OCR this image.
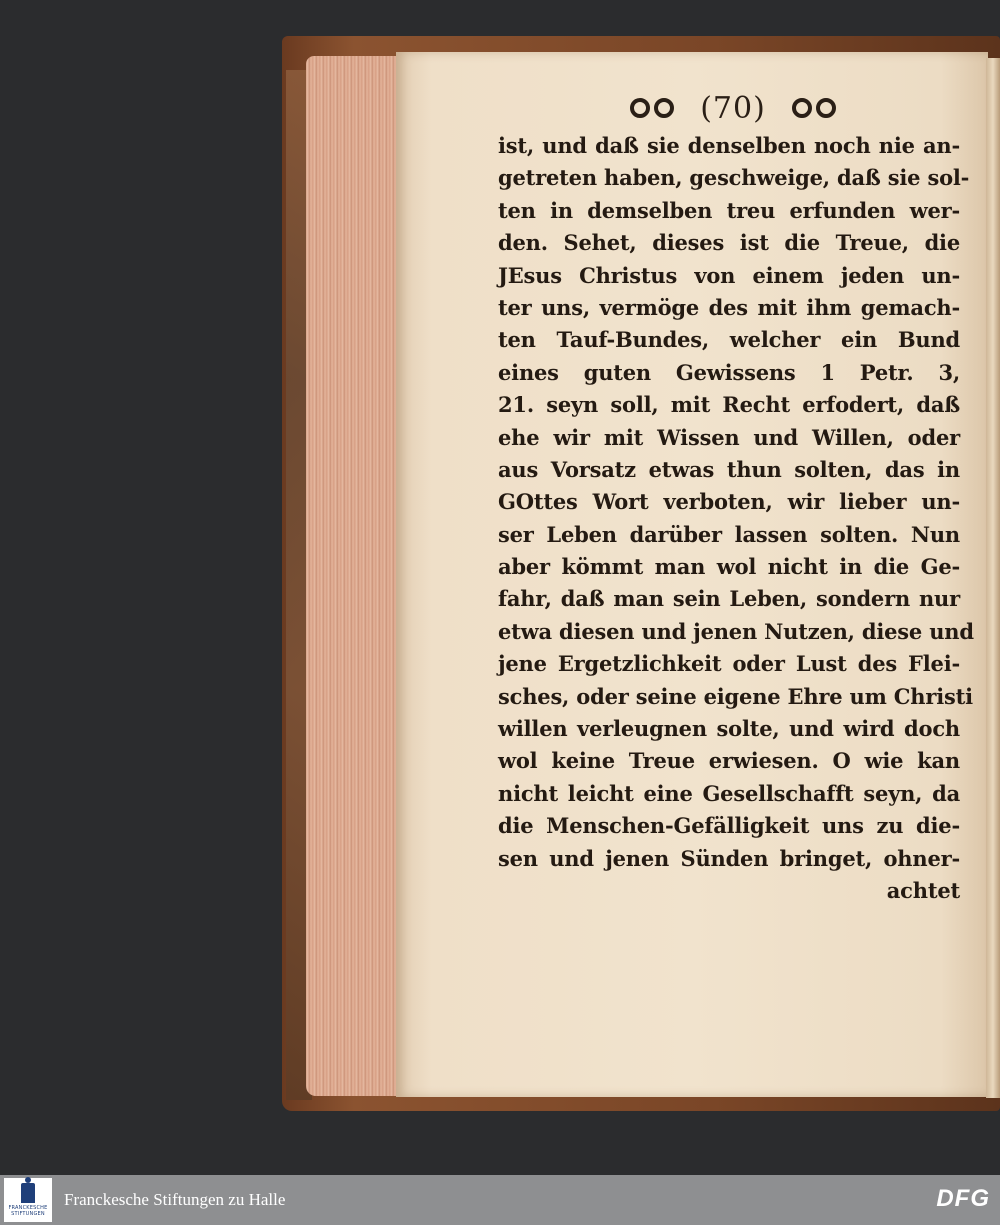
(70)
ist, und daß sie denselben noch nie an-
getreten haben, geschweige, daß sie sol-
ten in demselben treu erfunden wer-
den. Sehet, dieses ist die Treue, die
JEsus Christus von einem jeden un-
ter uns, vermöge des mit ihm gemach-
ten Tauf-Bundes, welcher ein Bund
eines guten Gewissens 1 Petr. 3,
21. seyn soll, mit Recht erfodert, daß
ehe wir mit Wissen und Willen, oder
aus Vorsatz etwas thun solten, das in
GOttes Wort verboten, wir lieber un-
ser Leben darüber lassen solten. Nun
aber kömmt man wol nicht in die Ge-
fahr, daß man sein Leben, sondern nur
etwa diesen und jenen Nutzen, diese und
jene Ergetzlichkeit oder Lust des Flei-
sches, oder seine eigene Ehre um Christi
willen verleugnen solte, und wird doch
wol keine Treue erwiesen. O wie kan
nicht leicht eine Gesellschafft seyn, da
die Menschen-Gefälligkeit uns zu die-
sen und jenen Sünden bringet, ohner-
achtet
FRANCKESCHE STIFTUNGEN
Franckesche Stiftungen zu Halle	DFG
